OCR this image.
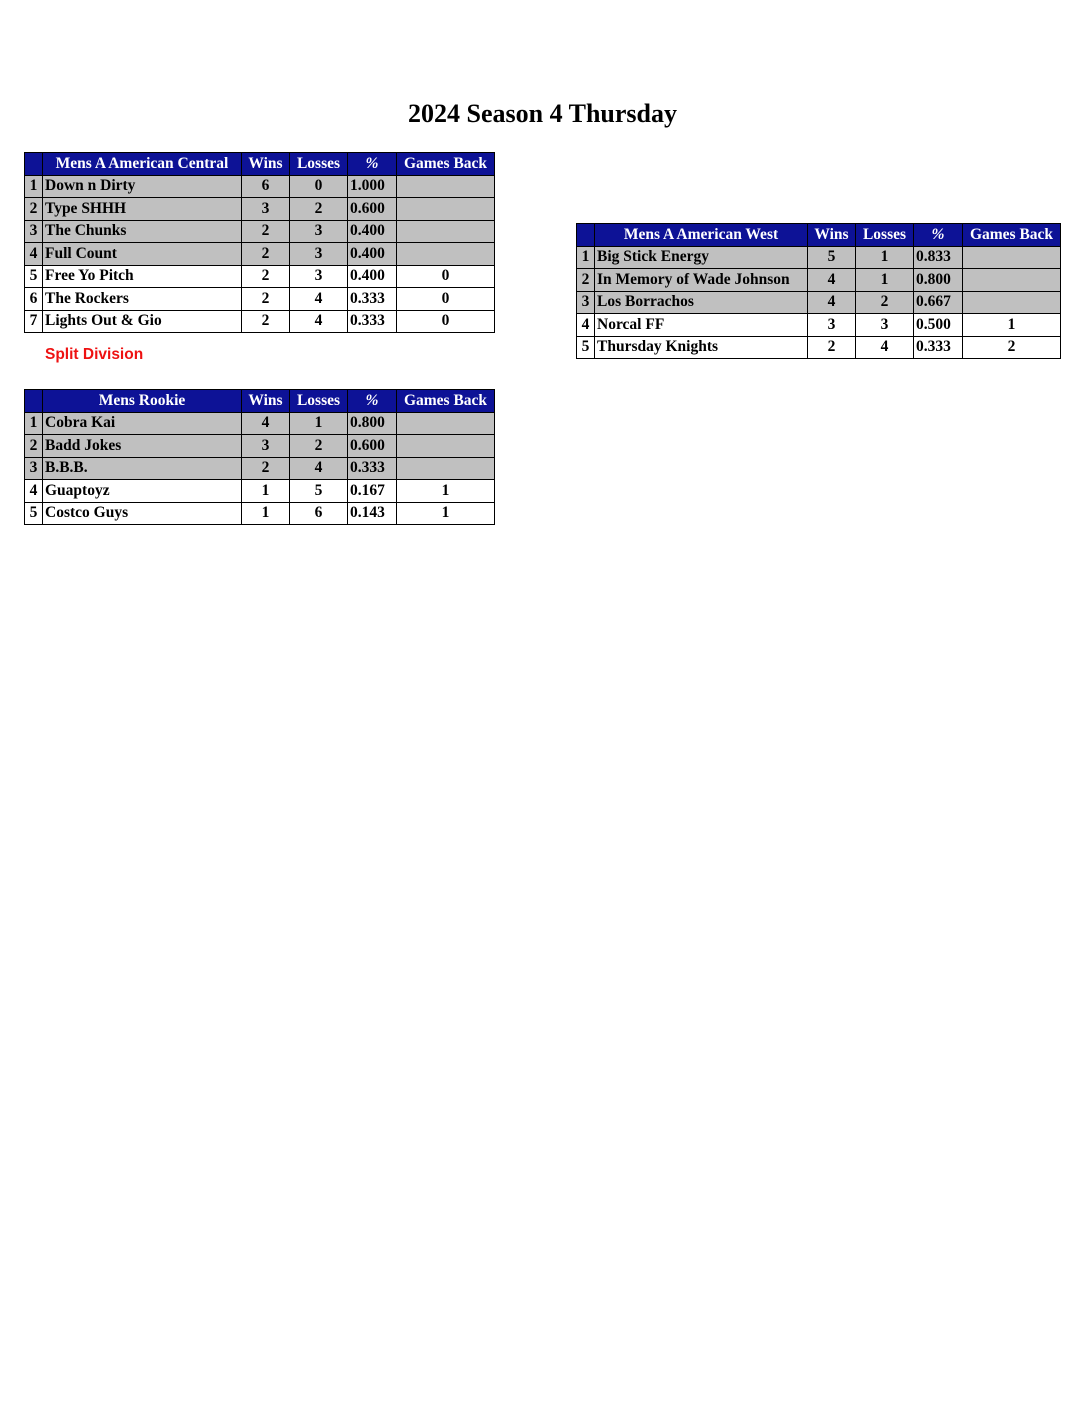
2024 Season 4 Thursday
	Mens A American Central	Wins	Losses	%	Games Back
1	Down n Dirty	6	0	1.000	
2	Type SHHH	3	2	0.600	
3	The Chunks	2	3	0.400	
4	Full Count	2	3	0.400	
5	Free Yo Pitch	2	3	0.400	0
6	The Rockers	2	4	0.333	0
7	Lights Out & Gio	2	4	0.333	0
Split Division
	Mens A American West	Wins	Losses	%	Games Back
1	Big Stick Energy	5	1	0.833	
2	In Memory of Wade Johnson	4	1	0.800	
3	Los Borrachos	4	2	0.667	
4	Norcal FF	3	3	0.500	1
5	Thursday Knights	2	4	0.333	2
	Mens Rookie	Wins	Losses	%	Games Back
1	Cobra Kai	4	1	0.800	
2	Badd Jokes	3	2	0.600	
3	B.B.B.	2	4	0.333	
4	Guaptoyz	1	5	0.167	1
5	Costco Guys	1	6	0.143	1
